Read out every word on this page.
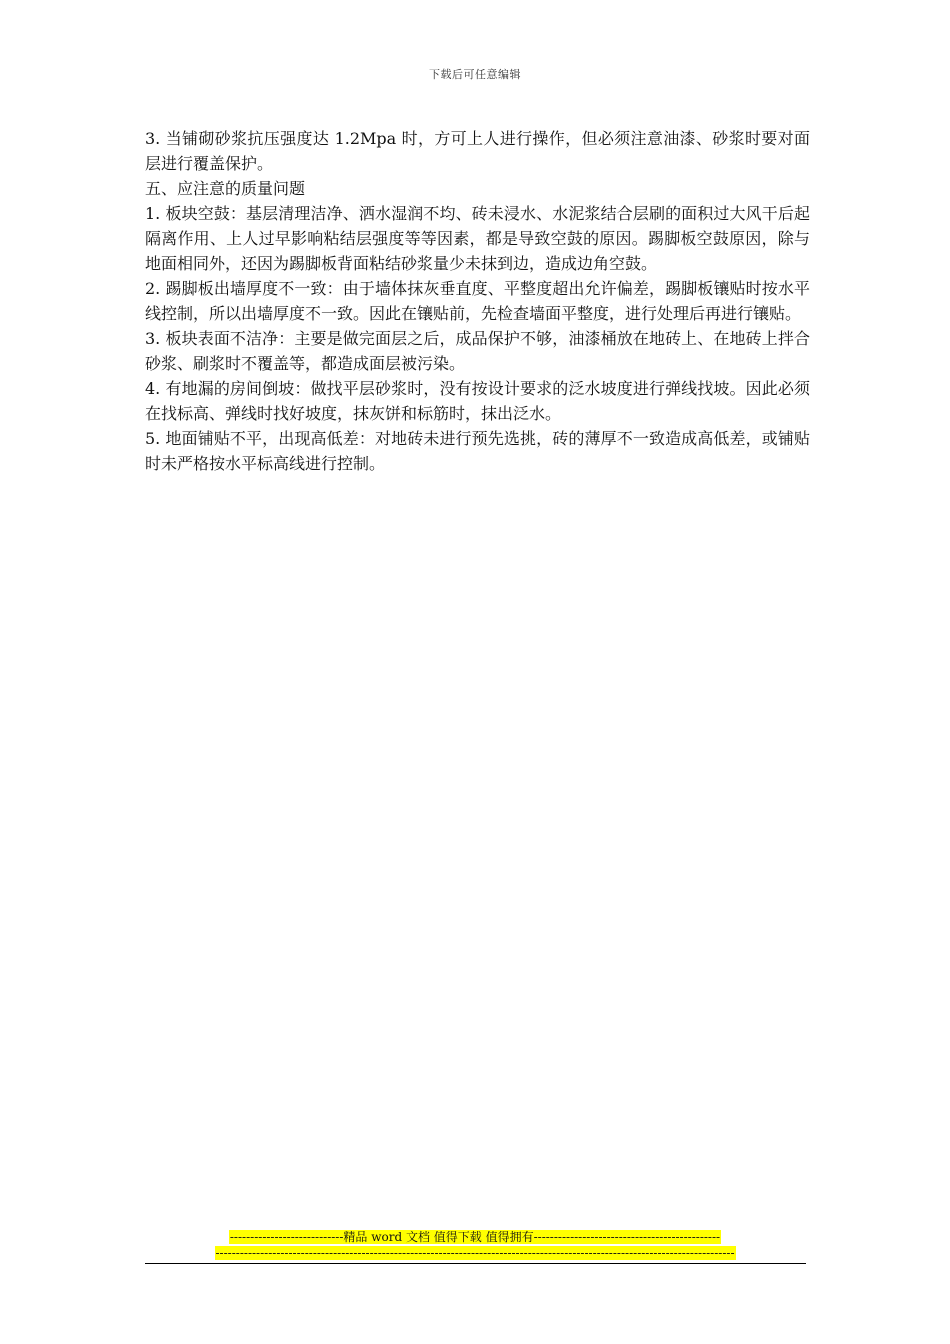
下载后可任意编辑

3. 当铺砌砂浆抗压强度达 1.2Mpa 时，方可上人进行操作，但必须注意油漆、砂浆时要对面层进行覆盖保护。

五、应注意的质量问题

1. 板块空鼓：基层清理洁净、洒水湿润不均、砖未浸水、水泥浆结合层刷的面积过大风干后起隔离作用、上人过早影响粘结层强度等等因素，都是导致空鼓的原因。踢脚板空鼓原因，除与地面相同外，还因为踢脚板背面粘结砂浆量少未抹到边，造成边角空鼓。

2. 踢脚板出墙厚度不一致：由于墙体抹灰垂直度、平整度超出允许偏差，踢脚板镶贴时按水平线控制，所以出墙厚度不一致。因此在镶贴前，先检查墙面平整度，进行处理后再进行镶贴。

3. 板块表面不洁净：主要是做完面层之后，成品保护不够，油漆桶放在地砖上、在地砖上拌合砂浆、刷浆时不覆盖等，都造成面层被污染。

4. 有地漏的房间倒坡：做找平层砂浆时，没有按设计要求的泛水坡度进行弹线找坡。因此必须在找标高、弹线时找好坡度，抹灰饼和标筋时，抹出泛水。

5. 地面铺贴不平，出现高低差：对地砖未进行预先选挑，砖的薄厚不一致造成高低差，或铺贴时未严格按水平标高线进行控制。

----------------------------精品 word 文档 值得下载 值得拥有----------------------------------------------
--------------------------------------------------------------------------------------------------------------------------------
